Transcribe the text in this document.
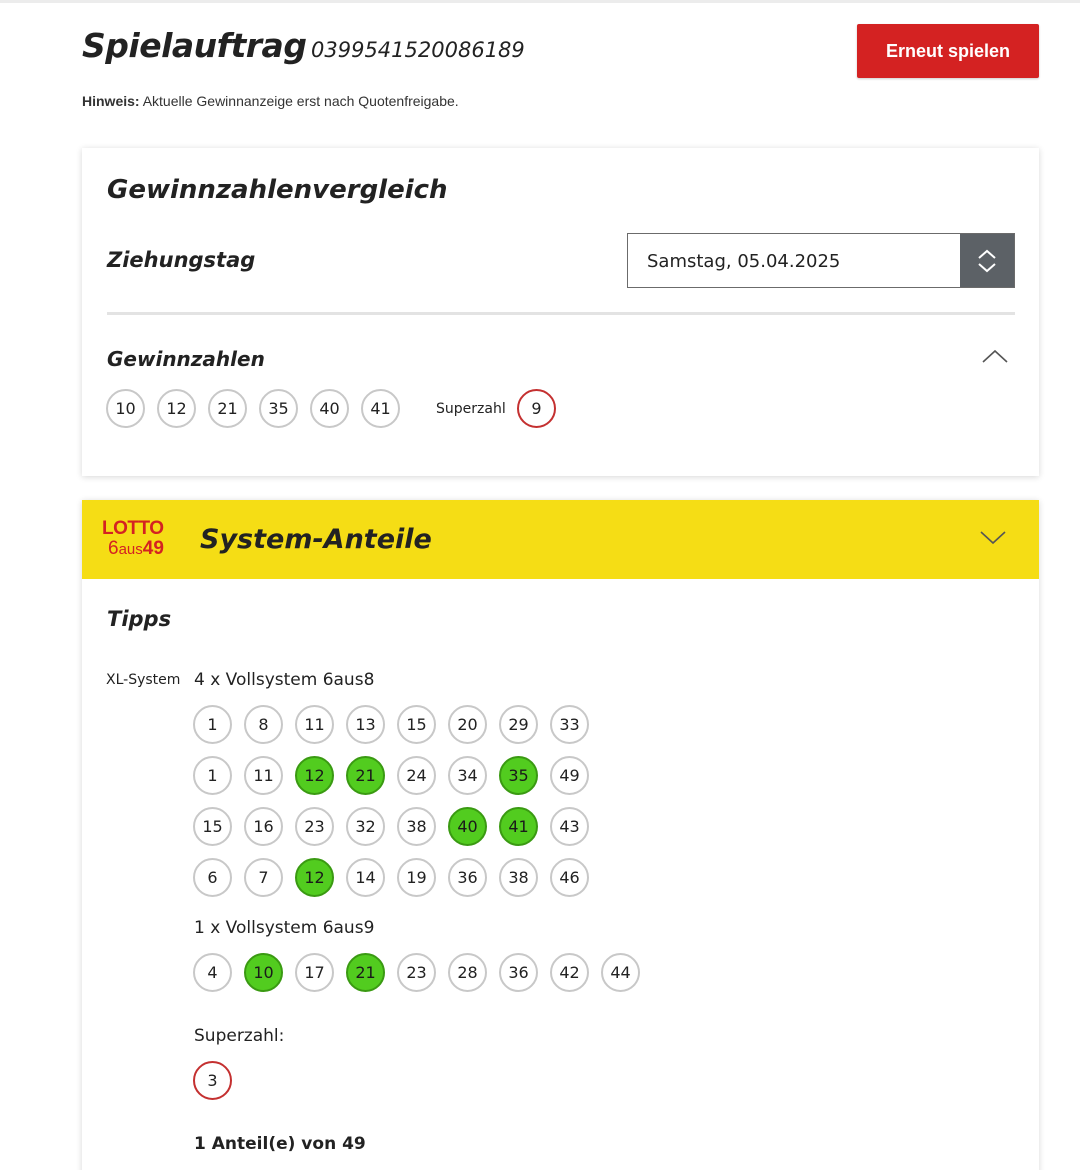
Spielauftrag 0399541520086189	Erneut spielen
Hinweis: Aktuelle Gewinnanzeige erst nach Quotenfreigabe.
Gewinnzahlenvergleich
Ziehungstag	Samstag, 05.04.2025
Gewinnzahlen
10	12	21	35	40	41	Superzahl	9
LOTTO
6aus49 System-Anteile
Tipps
XL-System 4 x Vollsystem 6aus8
1	8	11	13	15	20	29	33
1	11	12	21	24	34	35	49
15	16	23	32	38	40	41	43
6	7	12	14	19	36	38	46
1 x Vollsystem 6aus9
4	10	17	21	23	28	36	42	44
Superzahl:
3
1 Anteil(e) von 49
